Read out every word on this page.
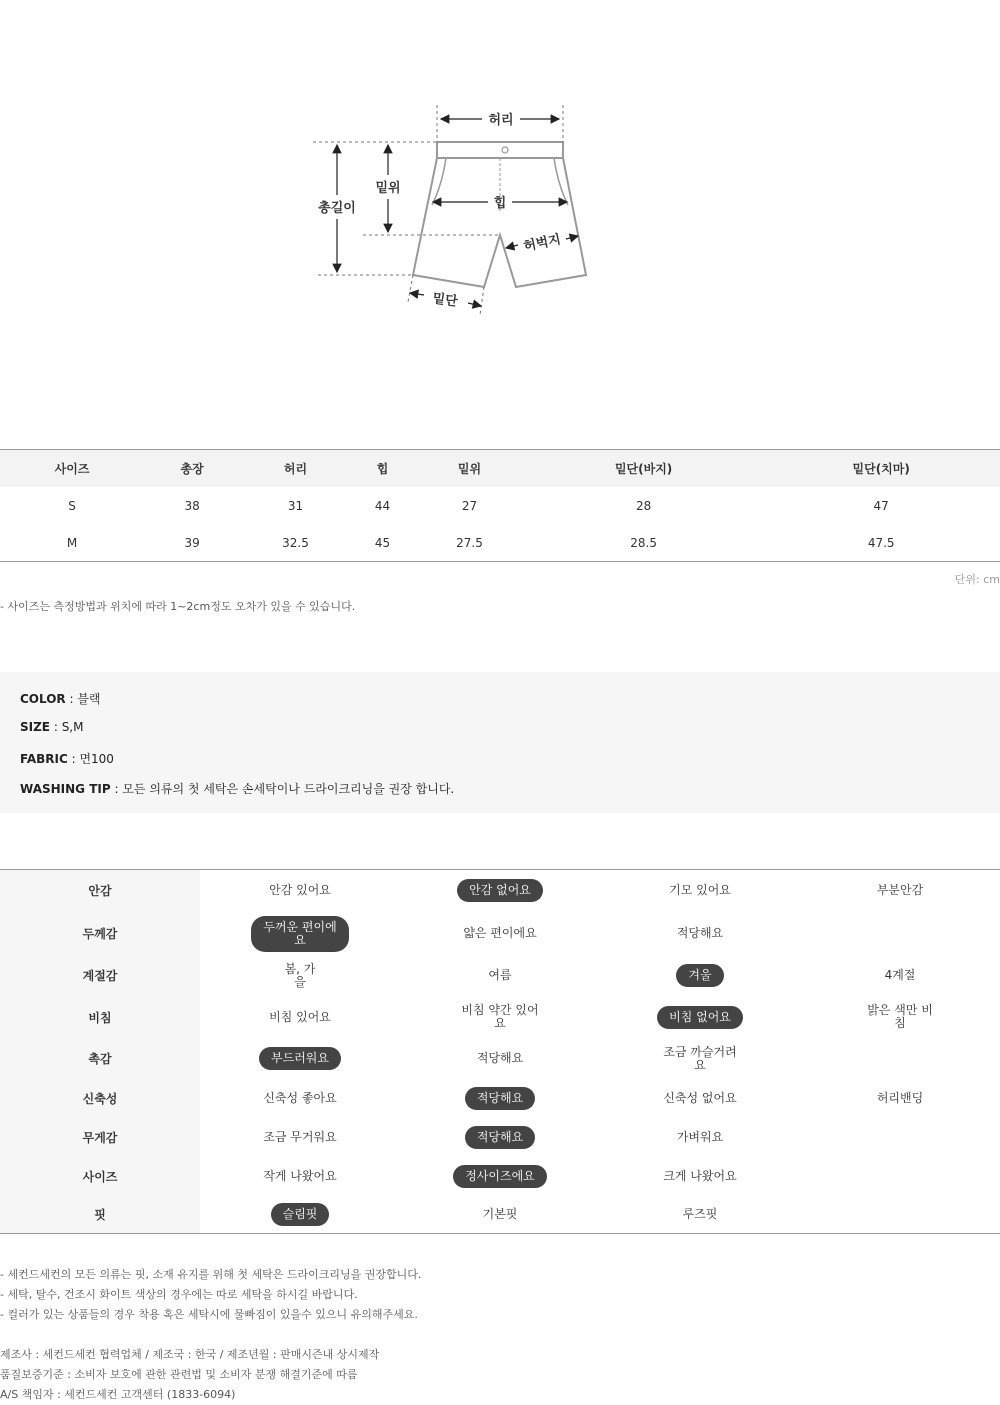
허리
총길이
밑위
힙
허벅지
밑단
사이즈	총장	허리	힙	밑위	밑단(바지)	밑단(치마)
S	38	31	44	27	28	47
M	39	32.5	45	27.5	28.5	47.5
단위: cm
- 사이즈는 측정방법과 위치에 따라 1~2cm정도 오차가 있을 수 있습니다.
COLOR : 블랙
SIZE : S,M
FABRIC : 면100
WASHING TIP : 모든 의류의 첫 세탁은 손세탁이나 드라이크리닝을 권장 합니다.
안감	안감 있어요	안감 없어요	기모 있어요	부분안감
두께감	두꺼운 편이에요	얇은 편이에요	적당해요	
계절감	봄, 가을	여름	겨울	4계절
비침	비침 있어요	비침 약간 있어요	비침 없어요	밝은 색만 비침
촉감	부드러워요	적당해요	조금 까슬거려요	
신축성	신축성 좋아요	적당해요	신축성 없어요	허리밴딩
무게감	조금 무거워요	적당해요	가벼워요	
사이즈	작게 나왔어요	정사이즈에요	크게 나왔어요	
핏	슬림핏	기본핏	루즈핏	
- 세컨드세컨의 모든 의류는 핏, 소재 유지를 위해 첫 세탁은 드라이크리닝을 권장합니다.
- 세탁, 탈수, 건조시 화이트 색상의 경우에는 따로 세탁을 하시길 바랍니다.
- 컬러가 있는 상품들의 경우 착용 혹은 세탁시에 물빠짐이 있을수 있으니 유의해주세요.
제조사 : 세컨드세컨 협력업체 / 제조국 : 한국 / 제조년월 : 판매시즌내 상시제작
품질보증기준 : 소비자 보호에 관한 관련법 및 소비자 분쟁 해결기준에 따름
A/S 책임자 : 세컨드세컨 고객센터 (1833-6094)
